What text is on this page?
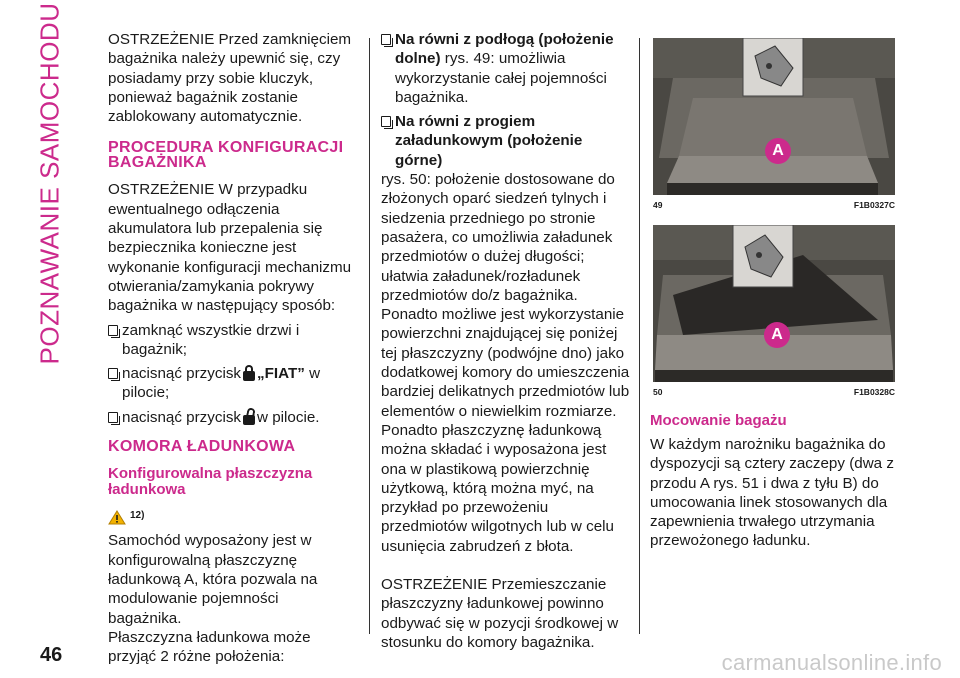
POZNAWANIE SAMOCHODU	OSTRZEŻENIE Przed zamknięciem bagażnika należy upewnić się, czy posiadamy przy sobie kluczyk, ponieważ bagażnik zostanie zablokowany automatycznie.

PROCEDURA KONFIGURACJI BAGAŻNIKA

OSTRZEŻENIE W przypadku ewentualnego odłączenia akumulatora lub przepalenia się bezpiecznika konieczne jest wykonanie konfiguracji mechanizmu otwierania/zamykania pokrywy bagażnika w następujący sposób:

zamknąć wszystkie drzwi i bagażnik;
nacisnąć przycisk „FIAT” w pilocie;
nacisnąć przycisk w pilocie.
KOMORA ŁADUNKOWA
Konfigurowalna płaszczyzna ładunkowa
12)

Samochód wyposażony jest w konfigurowalną płaszczyznę ładunkową A, która pozwala na modulowanie pojemności bagażnika.

Płaszczyzna ładunkowa może przyjąć 2 różne położenia:

Na równi z podłogą (położenie dolne) rys. 49: umożliwia wykorzystanie całej pojemności bagażnika.
Na równi z progiem załadunkowym (położenie górne)

rys. 50: położenie dostosowane do złożonych oparć siedzeń tylnych i siedzenia przedniego po stronie pasażera, co umożliwia załadunek przedmiotów o dużej długości; ułatwia załadunek/rozładunek przedmiotów do/z bagażnika. Ponadto możliwe jest wykorzystanie powierzchni znajdującej się poniżej tej płaszczyzny (podwójne dno) jako dodatkowej komory do umieszczenia bardziej delikatnych przedmiotów lub elementów o niewielkim rozmiarze.

Ponadto płaszczyznę ładunkową można składać i wyposażona jest ona w plastikową powierzchnię użytkową, którą można myć, na przykład po przewożeniu przedmiotów wilgotnych lub w celu usunięcia zabrudzeń z błota.

OSTRZEŻENIE Przemieszczanie płaszczyzny ładunkowej powinno odbywać się w pozycji środkowej w stosunku do komory bagażnika.

A
49	F1B0327C
A
50	F1B0328C
Mocowanie bagażu

W każdym narożniku bagażnika do dyspozycji są cztery zaczepy (dwa z przodu A rys. 51 i dwa z tyłu B) do umocowania linek stosowanych dla zapewnienia trwałego utrzymania przewożonego ładunku.

46	carmanualsonline.info
